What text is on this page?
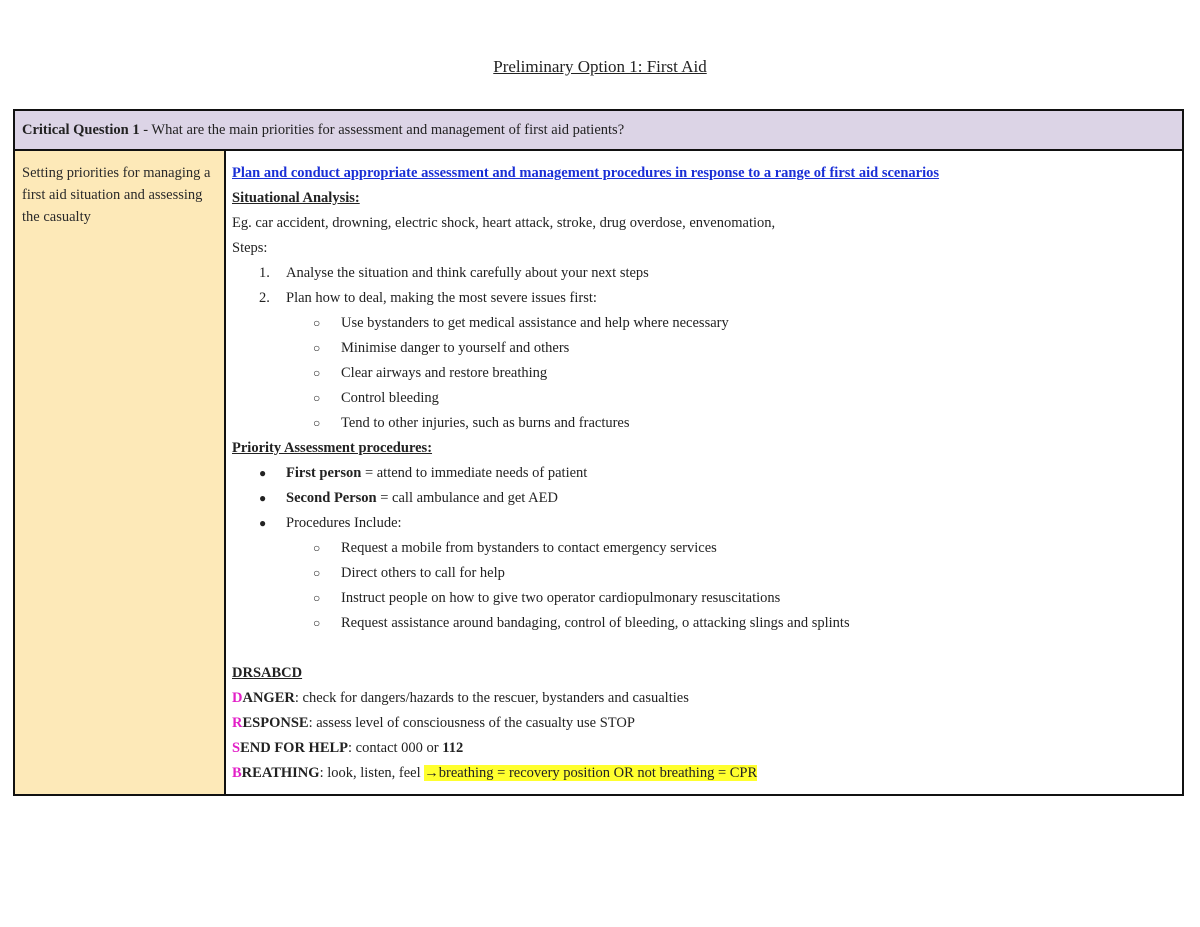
Preliminary Option 1: First Aid
Critical Question 1 - What are the main priorities for assessment and management of first aid patients?
Setting priorities for managing a first aid situation and assessing the casualty
Plan and conduct appropriate assessment and management procedures in response to a range of first aid scenarios
Situational Analysis:
Eg. car accident, drowning, electric shock, heart attack, stroke, drug overdose, envenomation,
Steps:
1. Analyse the situation and think carefully about your next steps
2. Plan how to deal, making the most severe issues first:
○ Use bystanders to get medical assistance and help where necessary
○ Minimise danger to yourself and others
○ Clear airways and restore breathing
○ Control bleeding
○ Tend to other injuries, such as burns and fractures
Priority Assessment procedures:
● First person = attend to immediate needs of patient
● Second Person = call ambulance and get AED
● Procedures Include:
○ Request a mobile from bystanders to contact emergency services
○ Direct others to call for help
○ Instruct people on how to give two operator cardiopulmonary resuscitations
○ Request assistance around bandaging, control of bleeding, o attacking slings and splints
DRSABCD
DANGER: check for dangers/hazards to the rescuer, bystanders and casualties
RESPONSE: assess level of consciousness of the casualty use STOP
SEND FOR HELP: contact 000 or 112
BREATHING: look, listen, feel →breathing = recovery position OR not breathing = CPR
